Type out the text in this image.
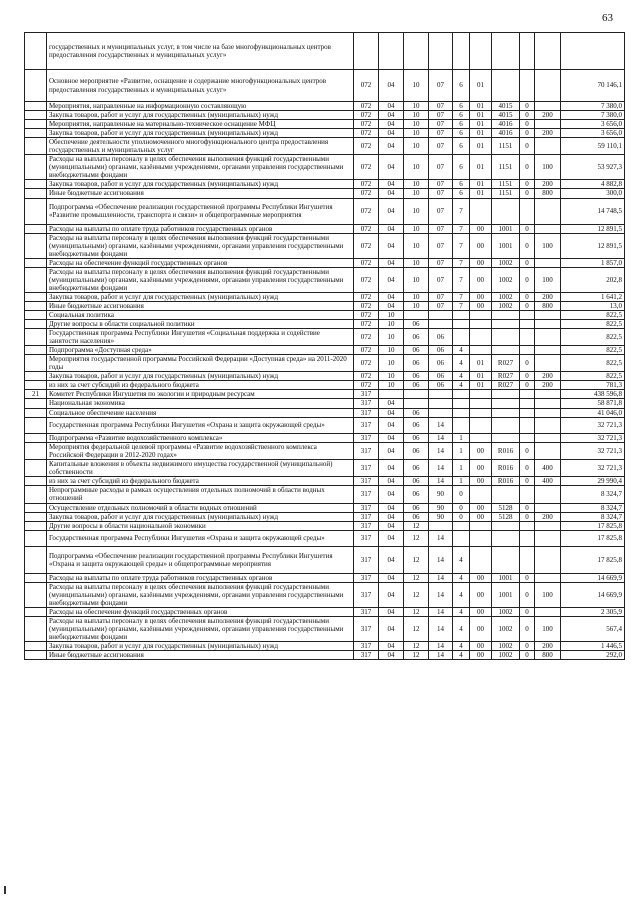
63
	государственных и муниципальных услуг, в том числе на базе многофункциональных центров предоставления государственных и муниципальных услуг»										
	Основное мероприятие «Развитие, оснащение и содержание многофункциональных центров предоставления государственных и муниципальных услуг»	072	04	10	07	6	01				70 146,1
	Мероприятия, направленные на информационную составляющую	072	04	10	07	6	01	4015	0		7 380,0
	Закупка товаров, работ и услуг для государственных (муниципальных) нужд	072	04	10	07	6	01	4015	0	200	7 380,0
	Мероприятия, направленные на материально-техническое оснащение МФЦ	072	04	10	07	6	01	4016	0		3 656,0
	Закупка товаров, работ и услуг для государственных (муниципальных) нужд	072	04	10	07	6	01	4016	0	200	3 656,0
	Обеспечение деятельности уполномоченного многофункционального центра предоставления государственных и муниципальных услуг	072	04	10	07	6	01	1151	0		59 110,1
	Расходы на выплаты персоналу в целях обеспечения выполнения функций государственными (муниципальными) органами, казёнными учреждениями, органами управления государственными внебюджетными фондами	072	04	10	07	6	01	1151	0	100	53 927,3
	Закупка товаров, работ и услуг для государственных (муниципальных) нужд	072	04	10	07	6	01	1151	0	200	4 882,8
	Иные бюджетные ассигнования	072	04	10	07	6	01	1151	0	800	300,0
	Подпрограмма «Обеспечение реализации государственной программы Республики Ингушетия «Развитие промышленности, транспорта и связи» и общепрограммные мероприятия	072	04	10	07	7					14 748,5
	Расходы на выплаты по оплате труда работников государственных органов	072	04	10	07	7	00	1001	0		12 891,5
	Расходы на выплаты персоналу в целях обеспечения выполнения функций государственными (муниципальными) органами, казёнными учреждениями, органами управления государственными внебюджетными фондами	072	04	10	07	7	00	1001	0	100	12 891,5
	Расходы на обеспечение функций государственных органов	072	04	10	07	7	00	1002	0		1 857,0
	Расходы на выплаты персоналу в целях обеспечения выполнения функций государственными (муниципальными) органами, казёнными учреждениями, органами управления государственными внебюджетными фондами	072	04	10	07	7	00	1002	0	100	202,8
	Закупка товаров, работ и услуг для государственных (муниципальных) нужд	072	04	10	07	7	00	1002	0	200	1 641,2
	Иные бюджетные ассигнования	072	04	10	07	7	00	1002	0	800	13,0
	Социальная политика	072	10								822,5
	Другие вопросы в области социальной политики	072	10	06							822,5
	Государственная программа Республики Ингушетия «Социальная поддержка и содействие занятости населения»	072	10	06	06						822,5
	Подпрограмма «Доступная среда»	072	10	06	06	4					822,5
	Мероприятия государственной программы Российской Федерации «Доступная среда» на 2011-2020 годы	072	10	06	06	4	01	R027	0		822,5
	Закупка товаров, работ и услуг для государственных (муниципальных) нужд	072	10	06	06	4	01	R027	0	200	822,5
	из них за счет субсидий из федерального бюджета	072	10	06	06	4	01	R027	0	200	781,3
21	Комитет Республики Ингушетия по экологии и природным ресурсам	317									438 596,8
	Национальная экономика	317	04								58 871,8
	Социальное обеспечение населения	317	04	06							41 046,0
	Государственная программа Республики Ингушетия «Охрана и защита окружающей среды»	317	04	06	14						32 721,3
	Подпрограмма «Развитие водохозяйственного комплекса»	317	04	06	14	1					32 721,3
	Мероприятия федеральной целевой программы «Развитие водохозяйственного комплекса Российской Федерации в 2012-2020 годах»	317	04	06	14	1	00	R016	0		32 721,3
	Капитальные вложения в объекты недвижимого имущества государственной (муниципальной) собственности	317	04	06	14	1	00	R016	0	400	32 721,3
	из них за счет субсидий из федерального бюджета	317	04	06	14	1	00	R016	0	400	29 990,4
	Непрограммные расходы в рамках осуществления отдельных полномочий в области водных отношений	317	04	06	90	0					8 324,7
	Осуществление отдельных полномочий в области водных отношений	317	04	06	90	0	00	5128	0		8 324,7
	Закупка товаров, работ и услуг для государственных (муниципальных) нужд	317	04	06	90	0	00	5128	0	200	8 324,7
	Другие вопросы в области национальной экономики	317	04	12							17 825,8
	Государственная программа Республики Ингушетия «Охрана и защита окружающей среды»	317	04	12	14						17 825,8
	Подпрограмма «Обеспечение реализации государственной программы Республики Ингушетия «Охрана и защита окружающей среды» и общепрограммные мероприятия	317	04	12	14	4					17 825,8
	Расходы на выплаты по оплате труда работников государственных органов	317	04	12	14	4	00	1001	0		14 669,9
	Расходы на выплаты персоналу в целях обеспечения выполнения функций государственными (муниципальными) органами, казёнными учреждениями, органами управления государственными внебюджетными фондами	317	04	12	14	4	00	1001	0	100	14 669,9
	Расходы на обеспечение функций государственных органов	317	04	12	14	4	00	1002	0		2 305,9
	Расходы на выплаты персоналу в целях обеспечения выполнения функций государственными (муниципальными) органами, казёнными учреждениями, органами управления государственными внебюджетными фондами	317	04	12	14	4	00	1002	0	100	567,4
	Закупка товаров, работ и услуг для государственных (муниципальных) нужд	317	04	12	14	4	00	1002	0	200	1 446,5
	Иные бюджетные ассигнования	317	04	12	14	4	00	1002	0	800	292,0
